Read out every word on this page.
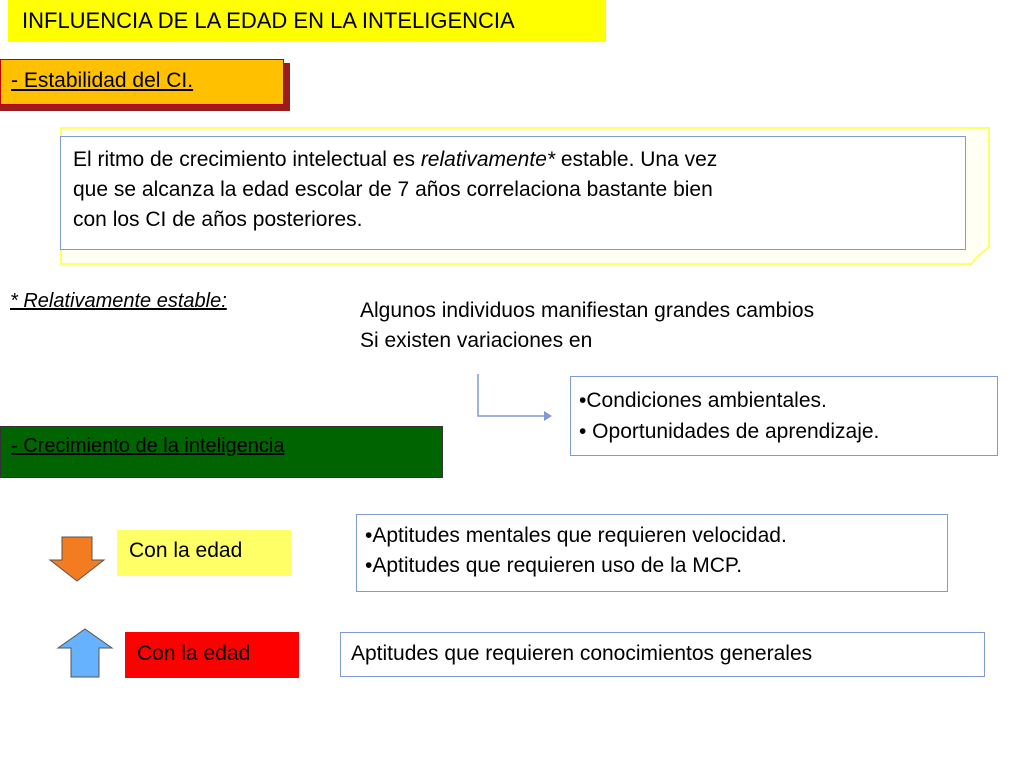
INFLUENCIA DE LA EDAD EN LA INTELIGENCIA
- Estabilidad del CI.
El ritmo de crecimiento intelectual es relativamente* estable. Una vez
que se alcanza la edad escolar de 7 años correlaciona bastante bien
con los CI de años posteriores.
* Relativamente estable:	Algunos individuos manifiestan grandes cambios
Si existen variaciones en
•Condiciones ambientales.
• Oportunidades de aprendizaje.
- Crecimiento de la inteligencia
Con la edad
•Aptitudes mentales que requieren velocidad.
•Aptitudes que requieren uso de la MCP.
Con la edad	Aptitudes que requieren conocimientos generales
